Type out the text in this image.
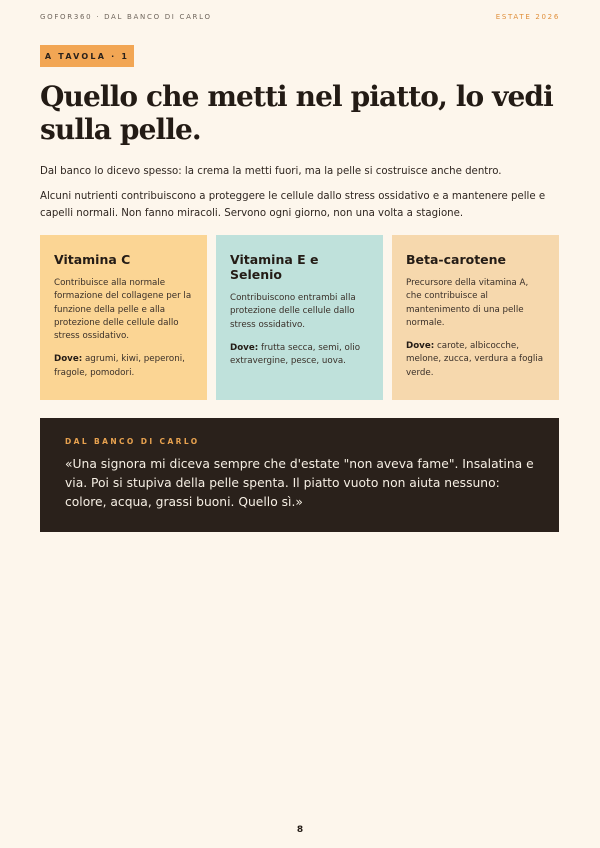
GOFOR360 · DAL BANCO DI CARLO	ESTATE 2026
A TAVOLA · 1
Quello che metti nel piatto, lo vedi sulla pelle.

Dal banco lo dicevo spesso: la crema la metti fuori, ma la pelle si costruisce anche dentro.

Alcuni nutrienti contribuiscono a proteggere le cellule dallo stress ossidativo e a mantenere pelle e capelli normali. Non fanno miracoli. Servono ogni giorno, non una volta a stagione.

Vitamina C

Contribuisce alla normale formazione del collagene per la funzione della pelle e alla protezione delle cellule dallo stress ossidativo.

Dove: agrumi, kiwi, peperoni, fragole, pomodori.

Vitamina E e Selenio

Contribuiscono entrambi alla protezione delle cellule dallo stress ossidativo.

Dove: frutta secca, semi, olio extravergine, pesce, uova.

Beta-carotene

Precursore della vitamina A, che contribuisce al mantenimento di una pelle normale.

Dove: carote, albicocche, melone, zucca, verdura a foglia verde.

DAL BANCO DI CARLO
«Una signora mi diceva sempre che d'estate "non aveva fame". Insalatina e via. Poi si stupiva della pelle spenta. Il piatto vuoto non aiuta nessuno: colore, acqua, grassi buoni. Quello sì.»
8
